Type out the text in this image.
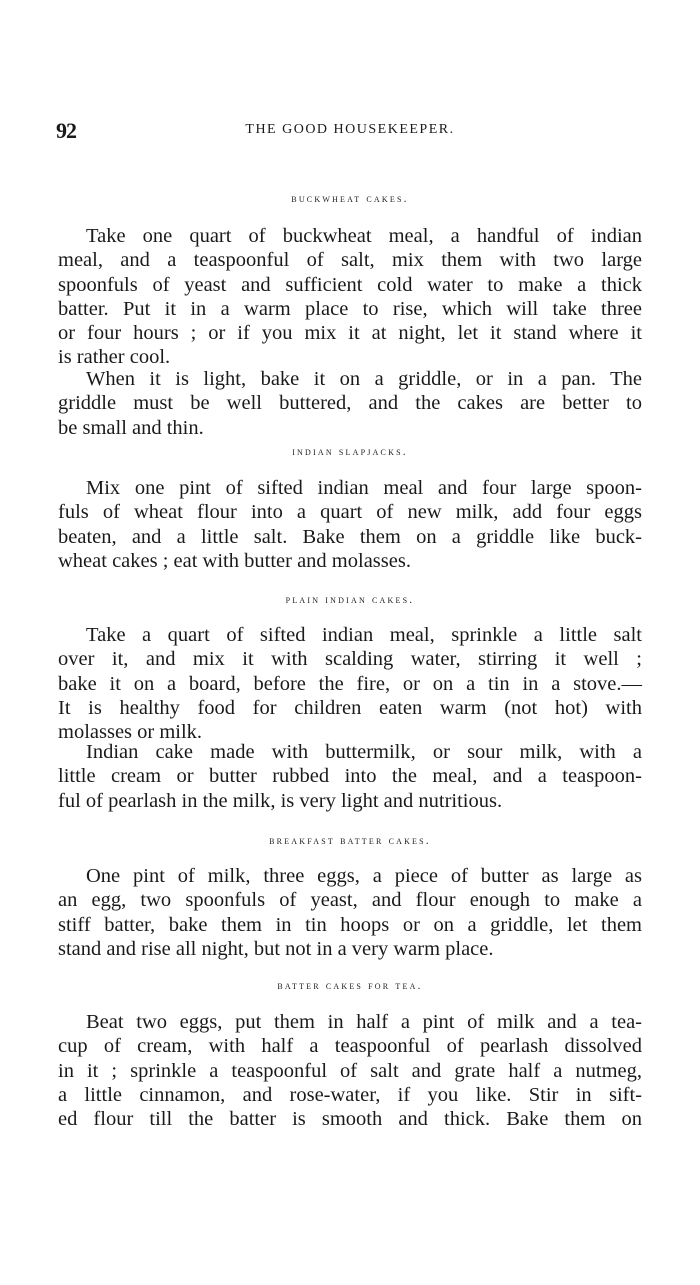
92	THE GOOD HOUSEKEEPER.
buckwheat cakes.
Take one quart of buckwheat meal, a handful of indian
meal, and a teaspoonful of salt, mix them with two large
spoonfuls of yeast and sufficient cold water to make a thick
batter. Put it in a warm place to rise, which will take three
or four hours ; or if you mix it at night, let it stand where it
is rather cool.
When it is light, bake it on a griddle, or in a pan. The
griddle must be well buttered, and the cakes are better to
be small and thin.
indian slapjacks.
Mix one pint of sifted indian meal and four large spoon-
fuls of wheat flour into a quart of new milk, add four eggs
beaten, and a little salt. Bake them on a griddle like buck-
wheat cakes ; eat with butter and molasses.
plain indian cakes.
Take a quart of sifted indian meal, sprinkle a little salt
over it, and mix it with scalding water, stirring it well ;
bake it on a board, before the fire, or on a tin in a stove.—
It is healthy food for children eaten warm (not hot) with
molasses or milk.
Indian cake made with buttermilk, or sour milk, with a
little cream or butter rubbed into the meal, and a teaspoon-
ful of pearlash in the milk, is very light and nutritious.
breakfast batter cakes.
One pint of milk, three eggs, a piece of butter as large as
an egg, two spoonfuls of yeast, and flour enough to make a
stiff batter, bake them in tin hoops or on a griddle, let them
stand and rise all night, but not in a very warm place.
batter cakes for tea.
Beat two eggs, put them in half a pint of milk and a tea-
cup of cream, with half a teaspoonful of pearlash dissolved
in it ; sprinkle a teaspoonful of salt and grate half a nutmeg,
a little cinnamon, and rose-water, if you like. Stir in sift-
ed flour till the batter is smooth and thick. Bake them on
